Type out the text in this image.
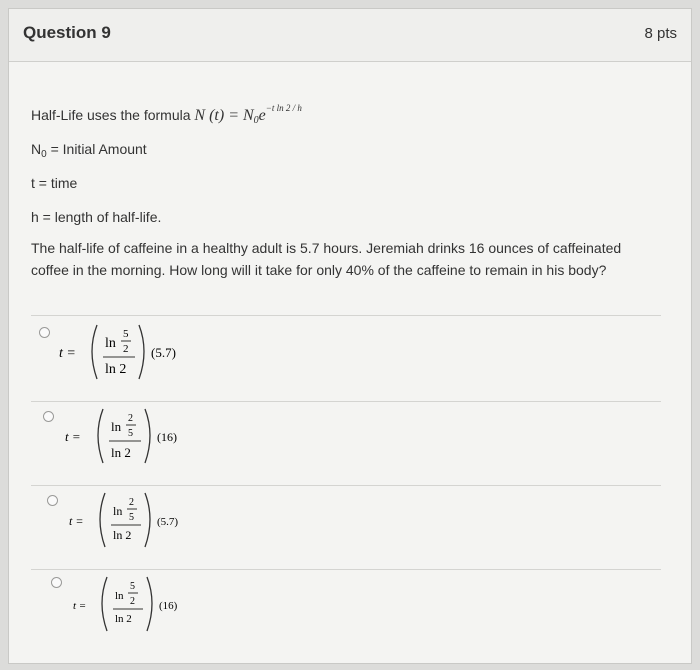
Question 9	8 pts
Half-Life uses the formula N $(t) = N0e^{-t ln 2 / h}$
$N_0$ = Initial Amount
t = time
h = length of half-life.
The half-life of caffeine in a healthy adult is 5.7 hours. Jeremiah drinks 16 ounces of caffeinated coffee in the morning. How long will it take for only 40% of the caffeine to remain in his body?
t =
ln
5
2
ln 2
(5.7)
t =
ln
2
5
ln 2
(16)
t =
ln
2
5
ln 2
(5.7)
t =
ln
5
2
ln 2
(16)
